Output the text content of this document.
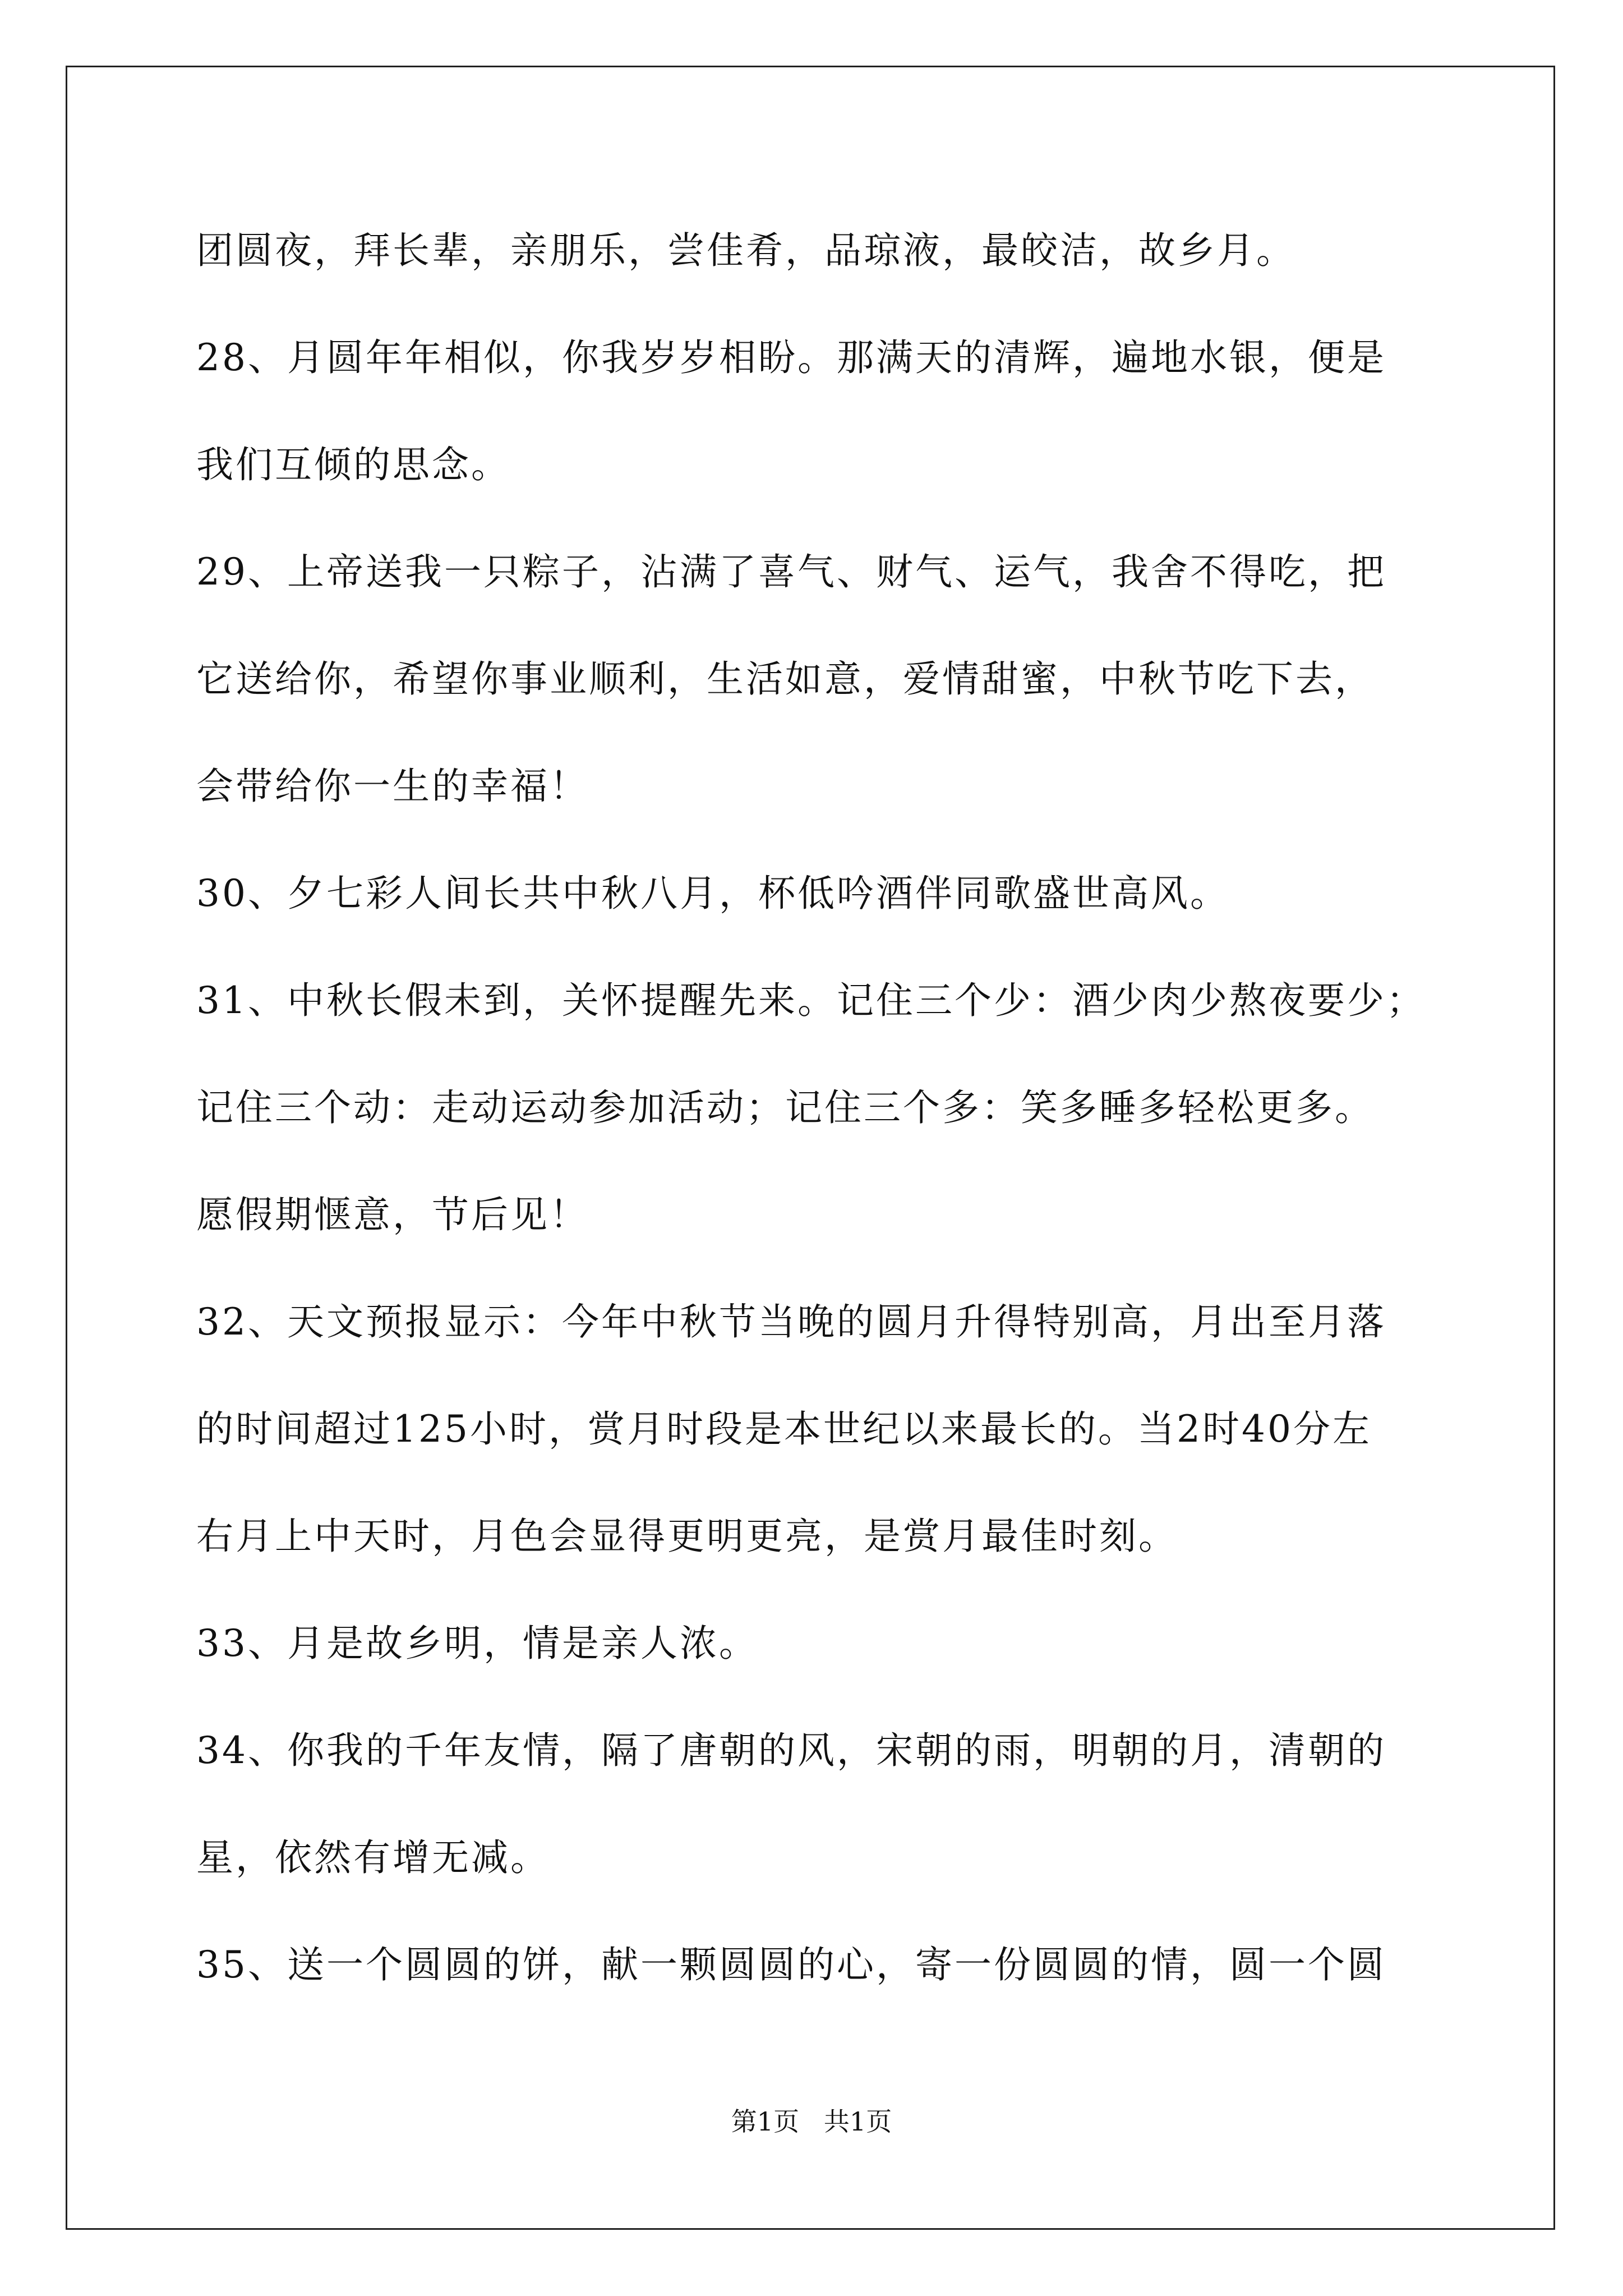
团圆夜，拜长辈，亲朋乐，尝佳肴，品琼液，最皎洁，故乡月。
28、月圆年年相似，你我岁岁相盼。那满天的清辉，遍地水银，便是
我们互倾的思念。
29、上帝送我一只粽子，沾满了喜气、财气、运气，我舍不得吃，把
它送给你，希望你事业顺利，生活如意，爱情甜蜜，中秋节吃下去，
会带给你一生的幸福！
30、夕七彩人间长共中秋八月，杯低吟酒伴同歌盛世高风。
31、中秋长假未到，关怀提醒先来。记住三个少：酒少肉少熬夜要少；
记住三个动：走动运动参加活动；记住三个多：笑多睡多轻松更多。
愿假期惬意，节后见！
32、天文预报显示：今年中秋节当晚的圆月升得特别高，月出至月落
的时间超过125小时，赏月时段是本世纪以来最长的。当2时40分左
右月上中天时，月色会显得更明更亮，是赏月最佳时刻。
33、月是故乡明，情是亲人浓。
34、你我的千年友情，隔了唐朝的风，宋朝的雨，明朝的月，清朝的
星，依然有增无减。
35、送一个圆圆的饼，献一颗圆圆的心，寄一份圆圆的情，圆一个圆
第1页   共1页
